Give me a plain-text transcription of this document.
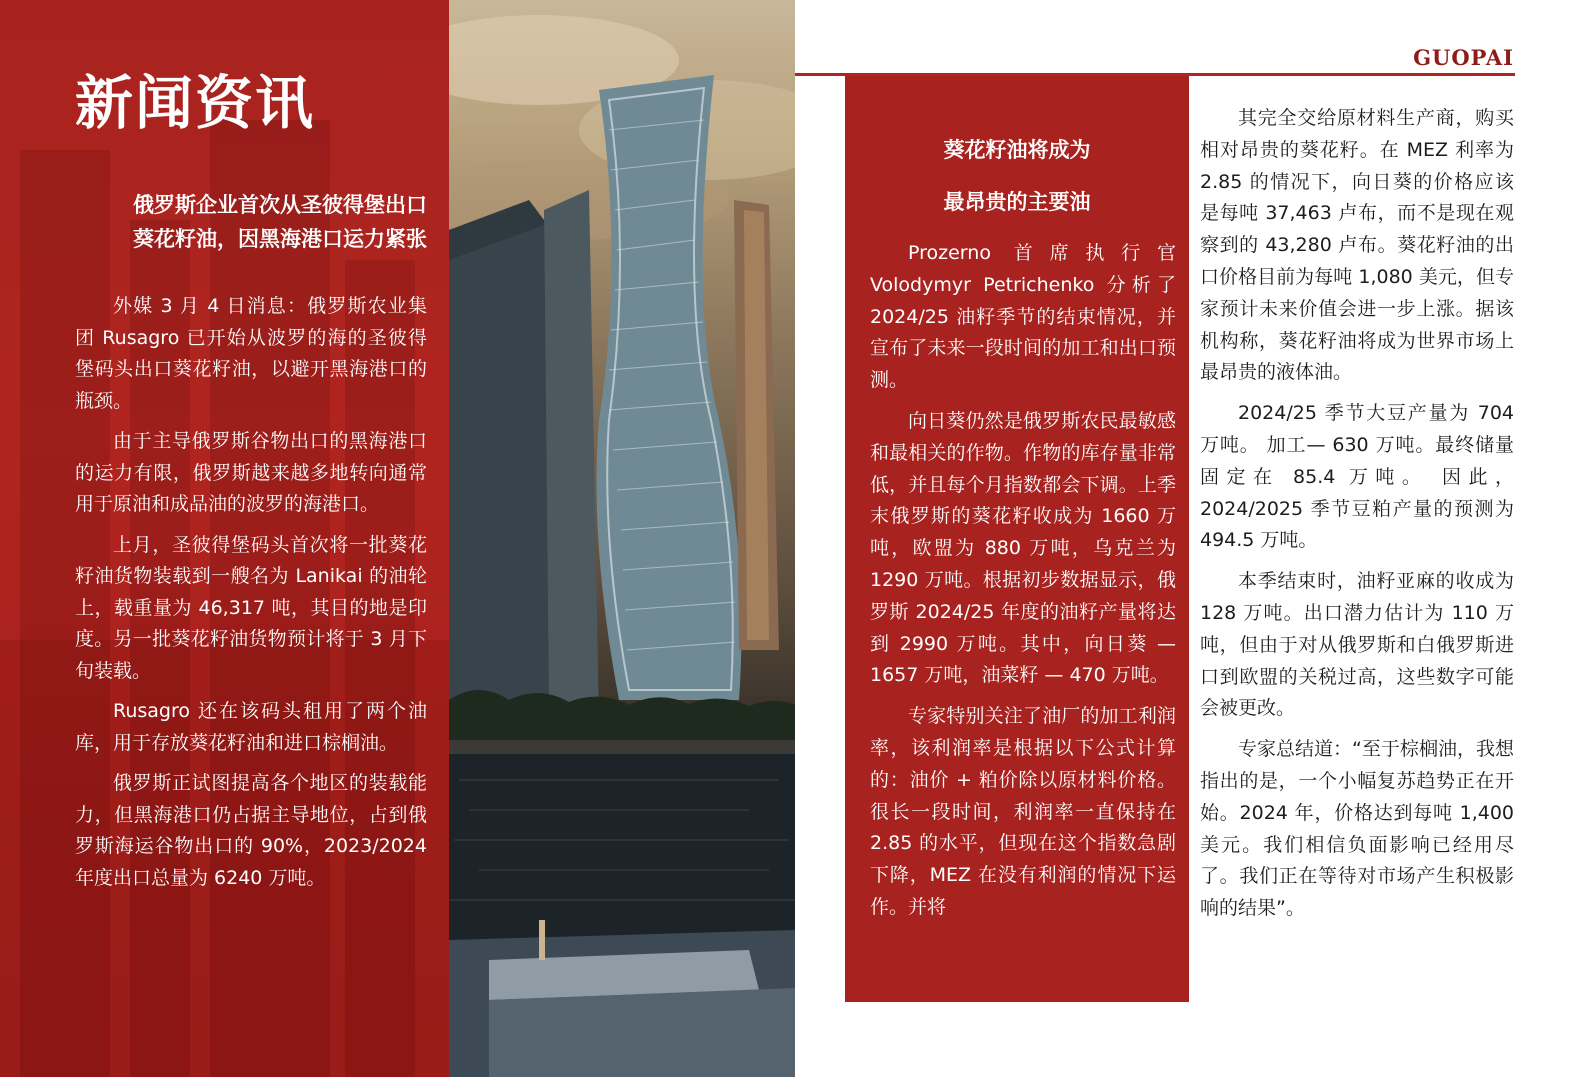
新闻资讯
俄罗斯企业首次从圣彼得堡出口
葵花籽油，因黑海港口运力紧张

外媒 3 月 4 日消息：俄罗斯农业集团 Rusagro 已开始从波罗的海的圣彼得堡码头出口葵花籽油，以避开黑海港口的瓶颈。

由于主导俄罗斯谷物出口的黑海港口的运力有限，俄罗斯越来越多地转向通常用于原油和成品油的波罗的海港口。

上月，圣彼得堡码头首次将一批葵花籽油货物装载到一艘名为 Lanikai 的油轮上，载重量为 46,317 吨，其目的地是印度。另一批葵花籽油货物预计将于 3 月下旬装载。

Rusagro 还在该码头租用了两个油库，用于存放葵花籽油和进口棕榈油。

俄罗斯正试图提高各个地区的装载能力，但黑海港口仍占据主导地位，占到俄罗斯海运谷物出口的 90%，2023/2024 年度出口总量为 6240 万吨。

GUOPAI
葵花籽油将成为
最昂贵的主要油

Prozerno 首席执行官 Volodymyr Petrichenko 分析了 2024/25 油籽季节的结束情况，并宣布了未来一段时间的加工和出口预测。

向日葵仍然是俄罗斯农民最敏感和最相关的作物。作物的库存量非常低，并且每个月指数都会下调。上季末俄罗斯的葵花籽收成为 1660 万吨，欧盟为 880 万吨，乌克兰为 1290 万吨。根据初步数据显示，俄罗斯 2024/25 年度的油籽产量将达到 2990 万吨。其中，向日葵 — 1657 万吨，油菜籽 — 470 万吨。

专家特别关注了油厂的加工利润率，该利润率是根据以下公式计算的：油价 + 粕价除以原材料价格。很长一段时间，利润率一直保持在 2.85 的水平，但现在这个指数急剧下降，MEZ 在没有利润的情况下运作。并将

其完全交给原材料生产商，购买相对昂贵的葵花籽。在 MEZ 利率为 2.85 的情况下，向日葵的价格应该是每吨 37,463 卢布，而不是现在观察到的 43,280 卢布。葵花籽油的出口价格目前为每吨 1,080 美元，但专家预计未来价值会进一步上涨。据该机构称，葵花籽油将成为世界市场上最昂贵的液体油。

2024/25 季节大豆产量为 704 万吨。 加工— 630 万吨。最终储量固定在 85.4 万吨。 因此，2024/2025 季节豆粕产量的预测为 494.5 万吨。

本季结束时，油籽亚麻的收成为 128 万吨。出口潜力估计为 110 万吨，但由于对从俄罗斯和白俄罗斯进口到欧盟的关税过高，这些数字可能会被更改。

专家总结道：“至于棕榈油，我想指出的是，一个小幅复苏趋势正在开始。2024 年，价格达到每吨 1,400 美元。我们相信负面影响已经用尽了。我们正在等待对市场产生积极影响的结果”。
